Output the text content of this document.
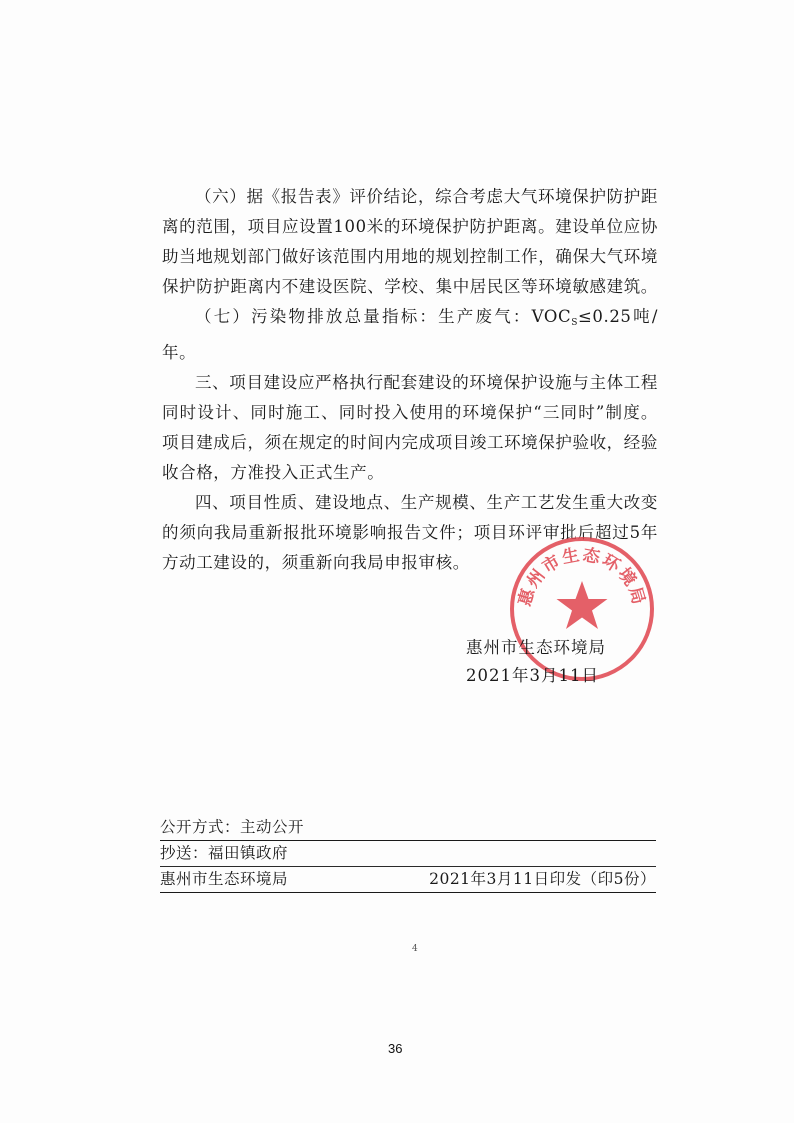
（六）据《报告表》评价结论，综合考虑大气环境保护防护距离的范围，项目应设置100米的环境保护防护距离。建设单位应协助当地规划部门做好该范围内用地的规划控制工作，确保大气环境保护防护距离内不建设医院、学校、集中居民区等环境敏感建筑。

（七）污染物排放总量指标：生产废气：$VOC_S\le 0.25$吨/年。

三、项目建设应严格执行配套建设的环境保护设施与主体工程同时设计、同时施工、同时投入使用的环境保护“三同时”制度。项目建成后，须在规定的时间内完成项目竣工环境保护验收，经验收合格，方准投入正式生产。

四、项目性质、建设地点、生产规模、生产工艺发生重大改变的须向我局重新报批环境影响报告文件；项目环评审批后超过5年方动工建设的，须重新向我局申报审核。

惠州市生态环境局
惠州市生态环境局
2021年3月11日
公开方式：主动公开
抄送：福田镇政府
惠州市生态环境局	2021年3月11日印发（印5份）
4
36
